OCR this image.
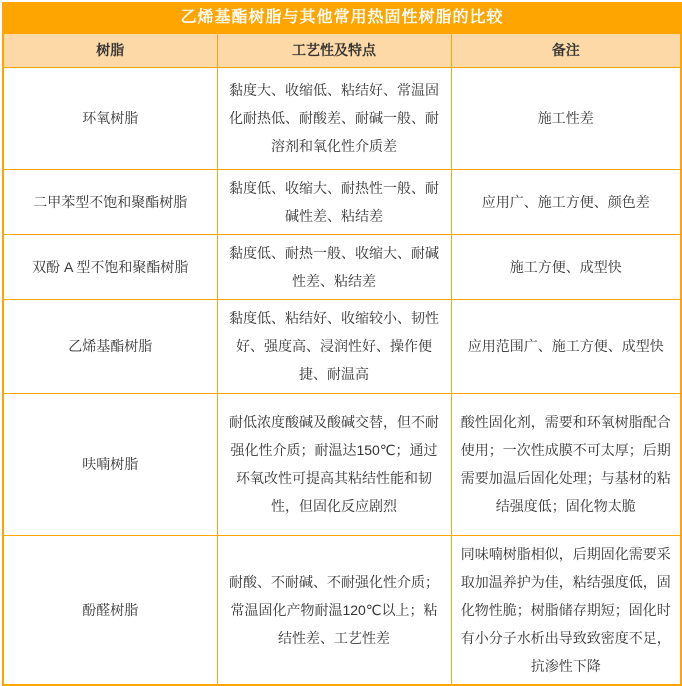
乙烯基酯树脂与其他常用热固性树脂的比较		
树脂	工艺性及特点	备注
环氧树脂	黏度大、收缩低、粘结好、常温固化耐热低、耐酸差、耐碱一般、耐溶剂和氧化性介质差	施工性差
二甲苯型不饱和聚酯树脂	黏度低、收缩大、耐热性一般、耐碱性差、粘结差	应用广、施工方便、颜色差
双酚 A 型不饱和聚酯树脂	黏度低、耐热一般、收缩大、耐碱性差、粘结差	施工方便、成型快
乙烯基酯树脂	黏度低、粘结好、收缩较小、韧性好、强度高、浸润性好、操作便捷、耐温高	应用范围广、施工方便、成型快
呋喃树脂	耐低浓度酸碱及酸碱交替，但不耐强化性介质；耐温达150℃；通过环氧改性可提高其粘结性能和韧性，但固化反应剧烈	酸性固化剂，需要和环氧树脂配合使用；一次性成膜不可太厚；后期需要加温后固化处理；与基材的粘结强度低；固化物太脆
酚醛树脂	耐酸、不耐碱、不耐强化性介质；常温固化产物耐温120℃以上；粘结性差、工艺性差	同味喃树脂相似，后期固化需要采取加温养护为佳，粘结强度低，固化物性脆；树脂储存期短；固化时有小分子水析出导致致密度不足，抗渗性下降
